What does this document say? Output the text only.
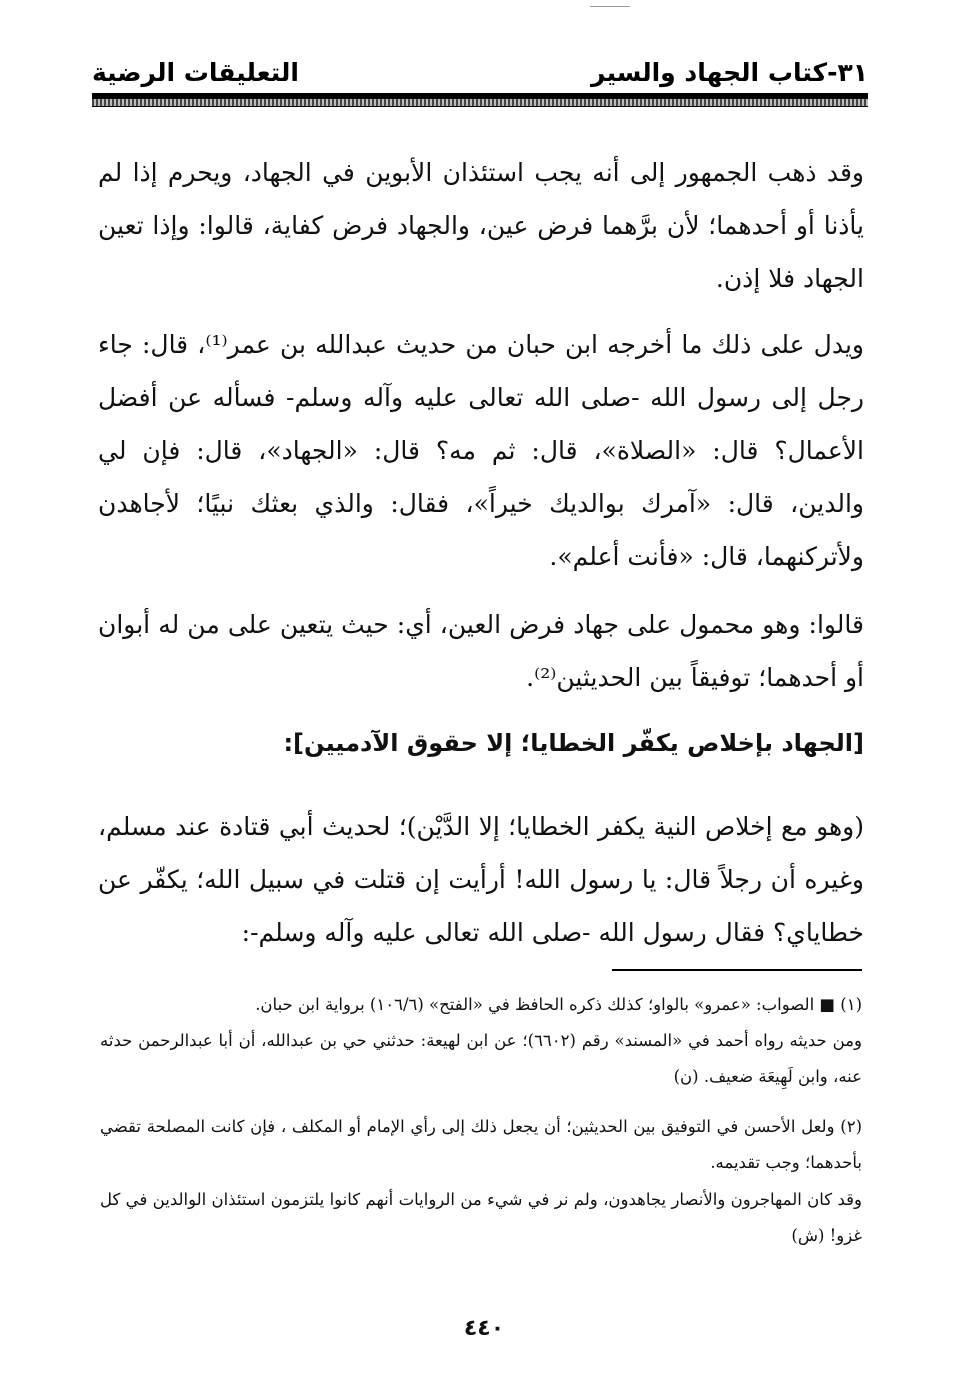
٣١-كتاب الجهاد والسير
التعليقات الرضية

وقد ذهب الجمهور إلى أنه يجب استئذان الأبوين في الجهاد، ويحرم إذا لم يأذنا أو أحدهما؛ لأن برَّهما فرض عين، والجهاد فرض كفاية، قالوا: وإذا تعين الجهاد فلا إذن.

ويدل على ذلك ما أخرجه ابن حبان من حديث عبدالله بن عمر⁽¹⁾، قال: جاء رجل إلى رسول الله -صلى الله تعالى عليه وآله وسلم- فسأله عن أفضل الأعمال؟ قال: «الصلاة»، قال: ثم مه؟ قال: «الجهاد»، قال: فإن لي والدين، قال: «آمرك بوالديك خيراً»، فقال: والذي بعثك نبيًا؛ لأجاهدن ولأتركنهما، قال: «فأنت أعلم».

قالوا: وهو محمول على جهاد فرض العين، أي: حيث يتعين على من له أبوان أو أحدهما؛ توفيقاً بين الحديثين⁽²⁾.

[الجهاد بإخلاص يكفّر الخطايا؛ إلا حقوق الآدميين]:

(وهو مع إخلاص النية يكفر الخطايا؛ إلا الدَّيْن)؛ لحديث أبي قتادة عند مسلم، وغيره أن رجلاً قال: يا رسول الله! أرأيت إن قتلت في سبيل الله؛ يكفّر عن خطاياي؟ فقال رسول الله -صلى الله تعالى عليه وآله وسلم-:

(١) ■ الصواب: «عمرو» بالواو؛ كذلك ذكره الحافظ في «الفتح» (١٠٦/٦) برواية ابن حبان.

ومن حديثه رواه أحمد في «المسند» رقم (٦٦٠٢)؛ عن ابن لهيعة: حدثني حي بن عبدالله، أن أبا عبدالرحمن حدثه عنه، وابن لَهِيعَة ضعيف. (ن)

(٢) ولعل الأحسن في التوفيق بين الحديثين؛ أن يجعل ذلك إلى رأي الإمام أو المكلف ، فإن كانت المصلحة تقضي بأحدهما؛ وجب تقديمه.

وقد كان المهاجرون والأنصار يجاهدون، ولم نر في شيء من الروايات أنهم كانوا يلتزمون استئذان الوالدين في كل غزو! (ش)

٤٤٠
